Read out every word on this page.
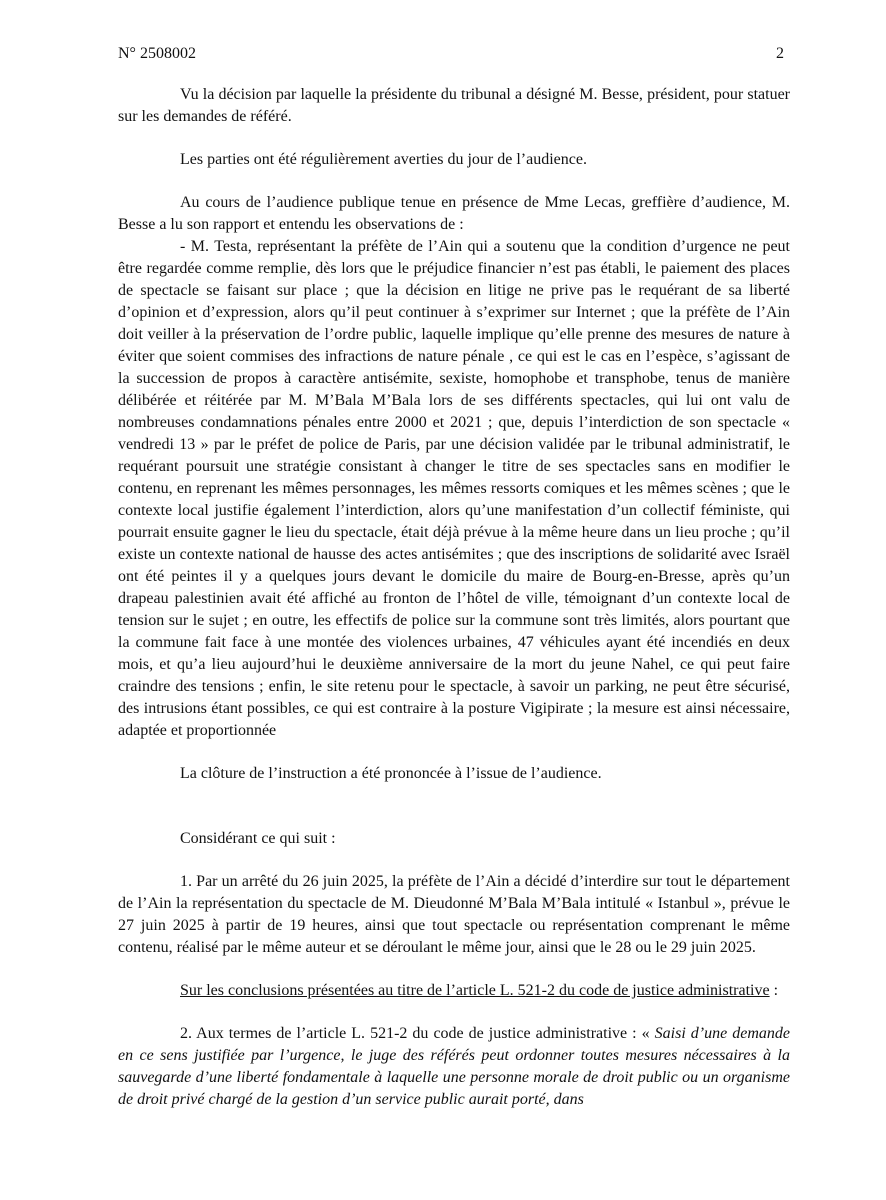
N° 2508002	2

Vu la décision par laquelle la présidente du tribunal a désigné M. Besse, président, pour statuer sur les demandes de référé.

Les parties ont été régulièrement averties du jour de l’audience.

Au cours de l’audience publique tenue en présence de Mme Lecas, greffière d’audience, M. Besse a lu son rapport et entendu les observations de :

- M. Testa, représentant la préfète de l’Ain qui a soutenu que la condition d’urgence ne peut être regardée comme remplie, dès lors que le préjudice financier n’est pas établi, le paiement des places de spectacle se faisant sur place ; que la décision en litige ne prive pas le requérant de sa liberté d’opinion et d’expression, alors qu’il peut continuer à s’exprimer sur Internet ; que la préfète de l’Ain doit veiller à la préservation de l’ordre public, laquelle implique qu’elle prenne des mesures de nature à éviter que soient commises des infractions de nature pénale , ce qui est le cas en l’espèce, s’agissant de la succession de propos à caractère antisémite, sexiste, homophobe et transphobe, tenus de manière délibérée et réitérée par M. M’Bala M’Bala lors de ses différents spectacles, qui lui ont valu de nombreuses condamnations pénales entre 2000 et 2021 ; que, depuis l’interdiction de son spectacle « vendredi 13 » par le préfet de police de Paris, par une décision validée par le tribunal administratif, le requérant poursuit une stratégie consistant à changer le titre de ses spectacles sans en modifier le contenu, en reprenant les mêmes personnages, les mêmes ressorts comiques et les mêmes scènes ; que le contexte local justifie également l’interdiction, alors qu’une manifestation d’un collectif féministe, qui pourrait ensuite gagner le lieu du spectacle, était déjà prévue à la même heure dans un lieu proche ; qu’il existe un contexte national de hausse des actes antisémites ; que des inscriptions de solidarité avec Israël ont été peintes il y a quelques jours devant le domicile du maire de Bourg-en-Bresse, après qu’un drapeau palestinien avait été affiché au fronton de l’hôtel de ville, témoignant d’un contexte local de tension sur le sujet ; en outre, les effectifs de police sur la commune sont très limités, alors pourtant que la commune fait face à une montée des violences urbaines, 47 véhicules ayant été incendiés en deux mois, et qu’a lieu aujourd’hui le deuxième anniversaire de la mort du jeune Nahel, ce qui peut faire craindre des tensions ; enfin, le site retenu pour le spectacle, à savoir un parking, ne peut être sécurisé, des intrusions étant possibles, ce qui est contraire à la posture Vigipirate ; la mesure est ainsi nécessaire, adaptée et proportionnée

La clôture de l’instruction a été prononcée à l’issue de l’audience.

Considérant ce qui suit :

1. Par un arrêté du 26 juin 2025, la préfète de l’Ain a décidé d’interdire sur tout le département de l’Ain la représentation du spectacle de M. Dieudonné M’Bala M’Bala intitulé « Istanbul », prévue le 27 juin 2025 à partir de 19 heures, ainsi que tout spectacle ou représentation comprenant le même contenu, réalisé par le même auteur et se déroulant le même jour, ainsi que le 28 ou le 29 juin 2025.

Sur les conclusions présentées au titre de l’article L. 521-2 du code de justice administrative :

2. Aux termes de l’article L. 521-2 du code de justice administrative : « Saisi d’une demande en ce sens justifiée par l’urgence, le juge des référés peut ordonner toutes mesures nécessaires à la sauvegarde d’une liberté fondamentale à laquelle une personne morale de droit public ou un organisme de droit privé chargé de la gestion d’un service public aurait porté, dans
